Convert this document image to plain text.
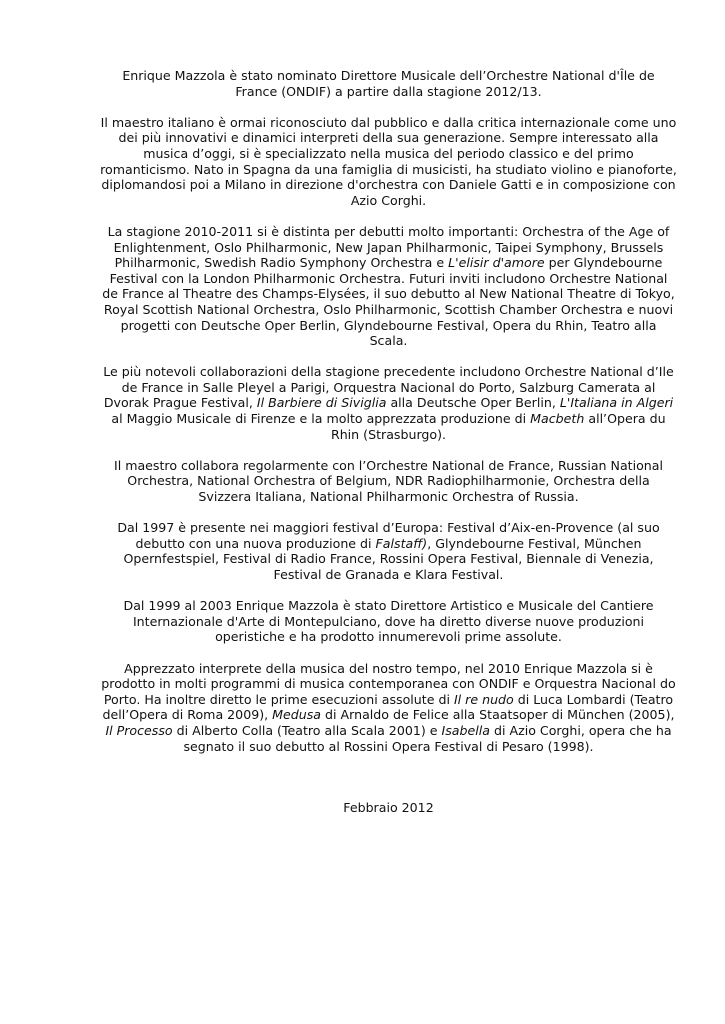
Enrique Mazzola è stato nominato Direttore Musicale dell’Orchestre National d'Île de France (ONDIF) a partire dalla stagione 2012/13.

Il maestro italiano è ormai riconosciuto dal pubblico e dalla critica internazionale come uno dei più innovativi e dinamici interpreti della sua generazione. Sempre interessato alla musica d’oggi, si è specializzato nella musica del periodo classico e del primo romanticismo. Nato in Spagna da una famiglia di musicisti, ha studiato violino e pianoforte, diplomandosi poi a Milano in direzione d'orchestra con Daniele Gatti e in composizione con Azio Corghi.

La stagione 2010-2011 si è distinta per debutti molto importanti: Orchestra of the Age of Enlightenment, Oslo Philharmonic, New Japan Philharmonic, Taipei Symphony, Brussels Philharmonic, Swedish Radio Symphony Orchestra e L'elisir d'amore per Glyndebourne Festival con la London Philharmonic Orchestra. Futuri inviti includono Orchestre National de France al Theatre des Champs-Elysées, il suo debutto al New National Theatre di Tokyo, Royal Scottish National Orchestra, Oslo Philharmonic, Scottish Chamber Orchestra e nuovi progetti con Deutsche Oper Berlin, Glyndebourne Festival, Opera du Rhin, Teatro alla Scala.

Le più notevoli collaborazioni della stagione precedente includono Orchestre National d’Ile de France in Salle Pleyel a Parigi, Orquestra Nacional do Porto, Salzburg Camerata al Dvorak Prague Festival, Il Barbiere di Siviglia alla Deutsche Oper Berlin, L'Italiana in Algeri al Maggio Musicale di Firenze e la molto apprezzata produzione di Macbeth all’Opera du Rhin (Strasburgo).

Il maestro collabora regolarmente con l’Orchestre National de France, Russian National Orchestra, National Orchestra of Belgium, NDR Radiophilharmonie, Orchestra della Svizzera Italiana, National Philharmonic Orchestra of Russia.

Dal 1997 è presente nei maggiori festival d’Europa: Festival d’Aix-en-Provence (al suo debutto con una nuova produzione di Falstaff), Glyndebourne Festival, München Opernfestspiel, Festival di Radio France, Rossini Opera Festival, Biennale di Venezia, Festival de Granada e Klara Festival.

Dal 1999 al 2003 Enrique Mazzola è stato Direttore Artistico e Musicale del Cantiere Internazionale d'Arte di Montepulciano, dove ha diretto diverse nuove produzioni operistiche e ha prodotto innumerevoli prime assolute.

Apprezzato interprete della musica del nostro tempo, nel 2010 Enrique Mazzola si è prodotto in molti programmi di musica contemporanea con ONDIF e Orquestra Nacional do Porto. Ha inoltre diretto le prime esecuzioni assolute di Il re nudo di Luca Lombardi (Teatro dell’Opera di Roma 2009), Medusa di Arnaldo de Felice alla Staatsoper di München (2005), Il Processo di Alberto Colla (Teatro alla Scala 2001) e Isabella di Azio Corghi, opera che ha segnato il suo debutto al Rossini Opera Festival di Pesaro (1998).

Febbraio 2012
